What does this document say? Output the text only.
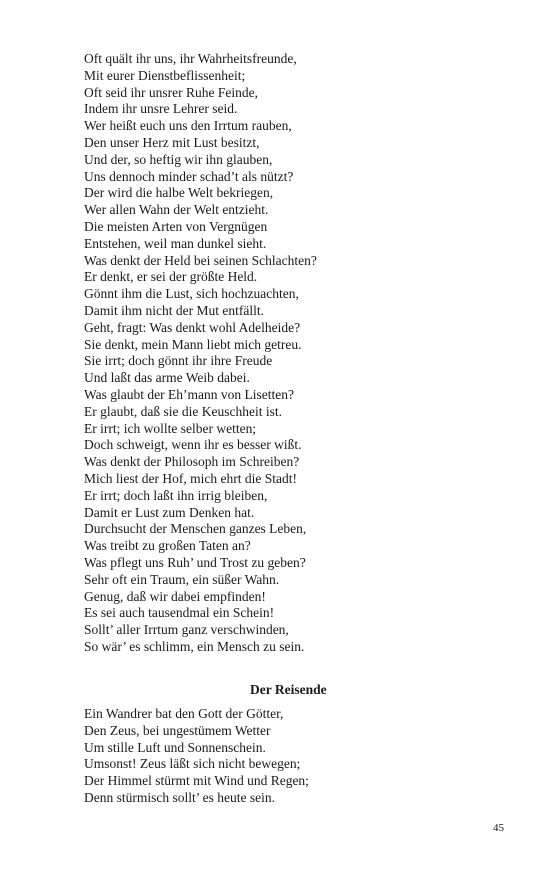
Oft quält ihr uns, ihr Wahrheitsfreunde,
Mit eurer Dienstbeflissenheit;
Oft seid ihr unsrer Ruhe Feinde,
Indem ihr unsre Lehrer seid.
Wer heißt euch uns den Irrtum rauben,
Den unser Herz mit Lust besitzt,
Und der, so heftig wir ihn glauben,
Uns dennoch minder schad’t als nützt?
Der wird die halbe Welt bekriegen,
Wer allen Wahn der Welt entzieht.
Die meisten Arten von Vergnügen
Entstehen, weil man dunkel sieht.
Was denkt der Held bei seinen Schlachten?
Er denkt, er sei der größte Held.
Gönnt ihm die Lust, sich hochzuachten,
Damit ihm nicht der Mut entfällt.
Geht, fragt: Was denkt wohl Adelheide?
Sie denkt, mein Mann liebt mich getreu.
Sie irrt; doch gönnt ihr ihre Freude
Und laßt das arme Weib dabei.
Was glaubt der Eh’mann von Lisetten?
Er glaubt, daß sie die Keuschheit ist.
Er irrt; ich wollte selber wetten;
Doch schweigt, wenn ihr es besser wißt.
Was denkt der Philosoph im Schreiben?
Mich liest der Hof, mich ehrt die Stadt!
Er irrt; doch laßt ihn irrig bleiben,
Damit er Lust zum Denken hat.
Durchsucht der Menschen ganzes Leben,
Was treibt zu großen Taten an?
Was pflegt uns Ruh’ und Trost zu geben?
Sehr oft ein Traum, ein süßer Wahn.
Genug, daß wir dabei empfinden!
Es sei auch tausendmal ein Schein!
Sollt’ aller Irrtum ganz verschwinden,
So wär’ es schlimm, ein Mensch zu sein.
Der Reisende
Ein Wandrer bat den Gott der Götter,
Den Zeus, bei ungestümem Wetter
Um stille Luft und Sonnenschein.
Umsonst! Zeus läßt sich nicht bewegen;
Der Himmel stürmt mit Wind und Regen;
Denn stürmisch sollt’ es heute sein.
45
